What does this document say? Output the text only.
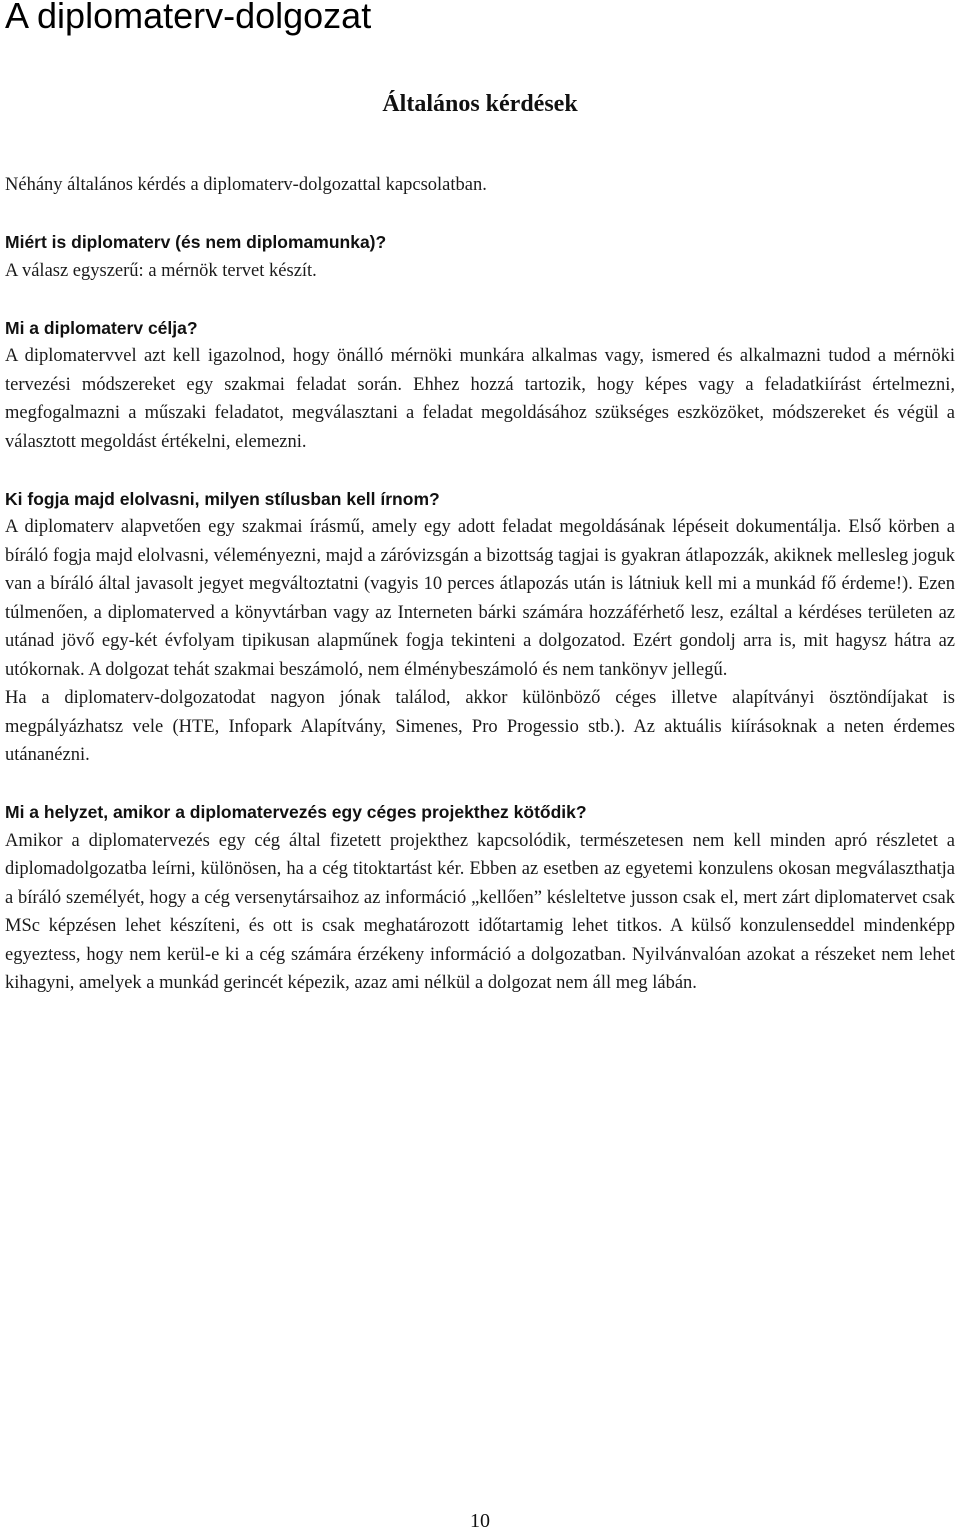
A diplomaterv-dolgozat
Általános kérdések

Néhány általános kérdés a diplomaterv-dolgozattal kapcsolatban.

Miért is diplomaterv (és nem diplomamunka)?

A válasz egyszerű: a mérnök tervet készít.

Mi a diplomaterv célja?

A diplomatervvel azt kell igazolnod, hogy önálló mérnöki munkára alkalmas vagy, ismered és alkalmazni tudod a mérnöki tervezési módszereket egy szakmai feladat során. Ehhez hozzá tartozik, hogy képes vagy a feladatkiírást értelmezni, megfogalmazni a műszaki feladatot, megválasztani a feladat megoldásához szükséges eszközöket, módszereket és végül a választott megoldást értékelni, elemezni.

Ki fogja majd elolvasni, milyen stílusban kell írnom?

A diplomaterv alapvetően egy szakmai írásmű, amely egy adott feladat megoldásának lépéseit dokumentálja. Első körben a bíráló fogja majd elolvasni, véleményezni, majd a záróvizsgán a bizottság tagjai is gyakran átlapozzák, akiknek mellesleg joguk van a bíráló által javasolt jegyet megváltoztatni (vagyis 10 perces átlapozás után is látniuk kell mi a munkád fő érdeme!). Ezen túlmenően, a diplomaterved a könyvtárban vagy az Interneten bárki számára hozzáférhető lesz, ezáltal a kérdéses területen az utánad jövő egy-két évfolyam tipikusan alapműnek fogja tekinteni a dolgozatod. Ezért gondolj arra is, mit hagysz hátra az utókornak. A dolgozat tehát szakmai beszámoló, nem élménybeszámoló és nem tankönyv jellegű.

Ha a diplomaterv-dolgozatodat nagyon jónak találod, akkor különböző céges illetve alapítványi ösztöndíjakat is megpályázhatsz vele (HTE, Infopark Alapítvány, Simenes, Pro Progessio stb.). Az aktuális kiírásoknak a neten érdemes utánanézni.

Mi a helyzet, amikor a diplomatervezés egy céges projekthez kötődik?

Amikor a diplomatervezés egy cég által fizetett projekthez kapcsolódik, természetesen nem kell minden apró részletet a diplomadolgozatba leírni, különösen, ha a cég titoktartást kér. Ebben az esetben az egyetemi konzulens okosan megválaszthatja a bíráló személyét, hogy a cég versenytársaihoz az információ „kellően” késleltetve jusson csak el, mert zárt diplomatervet csak MSc képzésen lehet készíteni, és ott is csak meghatározott időtartamig lehet titkos. A külső konzulenseddel mindenképp egyeztess, hogy nem kerül-e ki a cég számára érzékeny információ a dolgozatban. Nyilvánvalóan azokat a részeket nem lehet kihagyni, amelyek a munkád gerincét képezik, azaz ami nélkül a dolgozat nem áll meg lábán.

10
